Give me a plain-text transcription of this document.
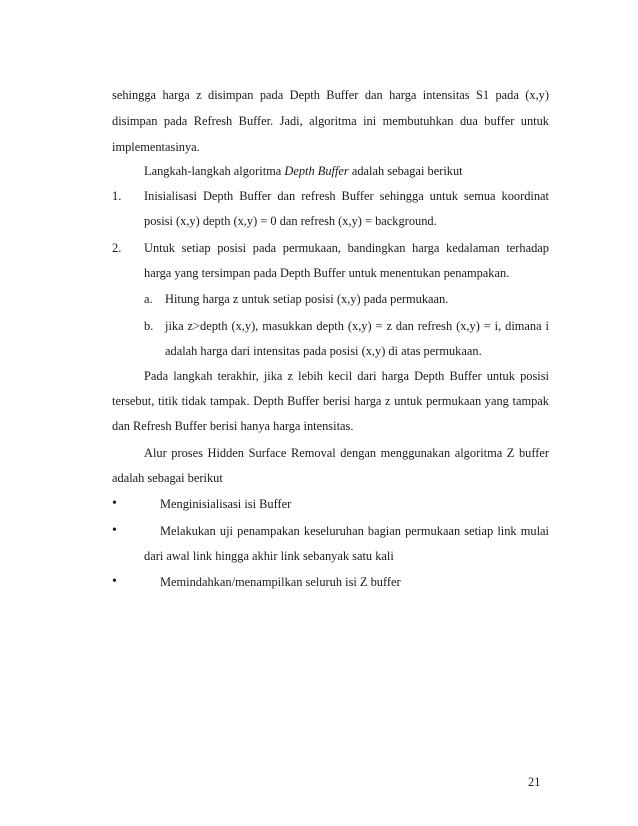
sehingga harga z disimpan pada Depth Buffer dan harga intensitas S1 pada (x,y)
disimpan pada Refresh Buffer. Jadi, algoritma ini membutuhkan dua buffer untuk
implementasinya.
Langkah-langkah algoritma Depth Buffer adalah sebagai berikut
1.	Inisialisasi Depth Buffer dan refresh Buffer sehingga untuk semua koordinat
posisi (x,y) depth (x,y) = 0 dan refresh (x,y) = background.
2.	Untuk setiap posisi pada permukaan, bandingkan harga kedalaman terhadap
harga yang tersimpan pada Depth Buffer untuk menentukan penampakan.
a. Hitung harga z untuk setiap posisi (x,y) pada permukaan.
b. jika z>depth (x,y), masukkan depth (x,y) = z dan refresh (x,y) = i, dimana i
adalah harga dari intensitas pada posisi (x,y) di atas permukaan.
Pada langkah terakhir, jika z lebih kecil dari harga Depth Buffer untuk posisi
tersebut, titik tidak tampak. Depth Buffer berisi harga z untuk permukaan yang tampak
dan Refresh Buffer berisi hanya harga intensitas.
Alur proses Hidden Surface Removal dengan menggunakan algoritma Z buffer
adalah sebagai berikut
•	Menginisialisasi isi Buffer
•	Melakukan uji penampakan keseluruhan bagian permukaan setiap link mulai
dari awal link hingga akhir link sebanyak satu kali
•	Memindahkan/menampilkan seluruh isi Z buffer
21
